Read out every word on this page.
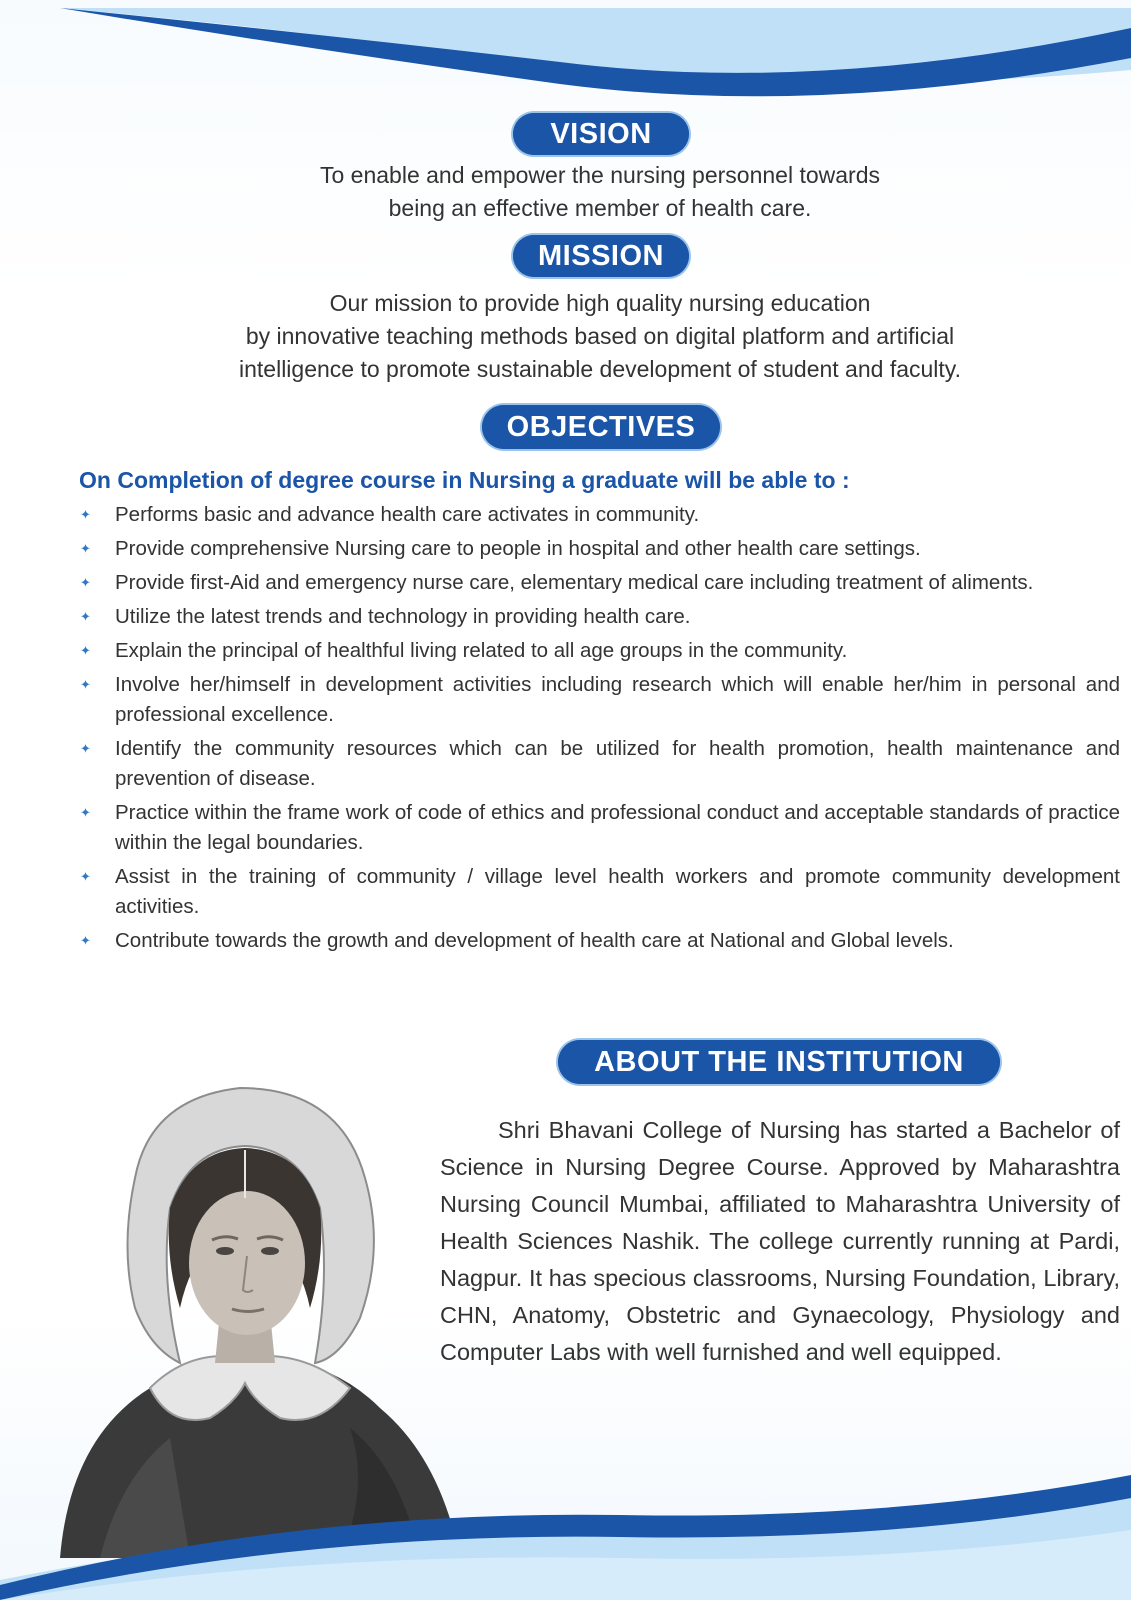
VISION
To enable and empower the nursing personnel towards
being an effective member of health care.
MISSION
Our mission to provide high quality nursing education
by innovative teaching methods based on digital platform and artificial
intelligence to promote sustainable development of student and faculty.
OBJECTIVES
On Completion of degree course in Nursing a graduate will be able to :
✦ Performs basic and advance health care activates in community.
✦ Provide comprehensive Nursing care to people in hospital and other health care settings.
✦ Provide first-Aid and emergency nurse care, elementary medical care including treatment of aliments.
✦ Utilize the latest trends and technology in providing health care.
✦ Explain the principal of healthful living related to all age groups in the community.
✦ Involve her/himself in development activities including research which will enable her/him in personal and professional excellence.
✦ Identify the community resources which can be utilized for health promotion, health maintenance and prevention of disease.
✦ Practice within the frame work of code of ethics and professional conduct and acceptable standards of practice within the legal boundaries.
✦ Assist in the training of community / village level health workers and promote community development activities.
✦ Contribute towards the growth and development of health care at National and Global levels.
ABOUT THE INSTITUTION
Shri Bhavani College of Nursing has started a Bachelor of Science in Nursing Degree Course. Approved by Maharashtra Nursing Council Mumbai, affiliated to Maharashtra University of Health Sciences Nashik. The college currently running at Pardi, Nagpur. It has specious classrooms, Nursing Foundation, Library, CHN, Anatomy, Obstetric and Gynaecology, Physiology and Computer Labs with well furnished and well equipped.
